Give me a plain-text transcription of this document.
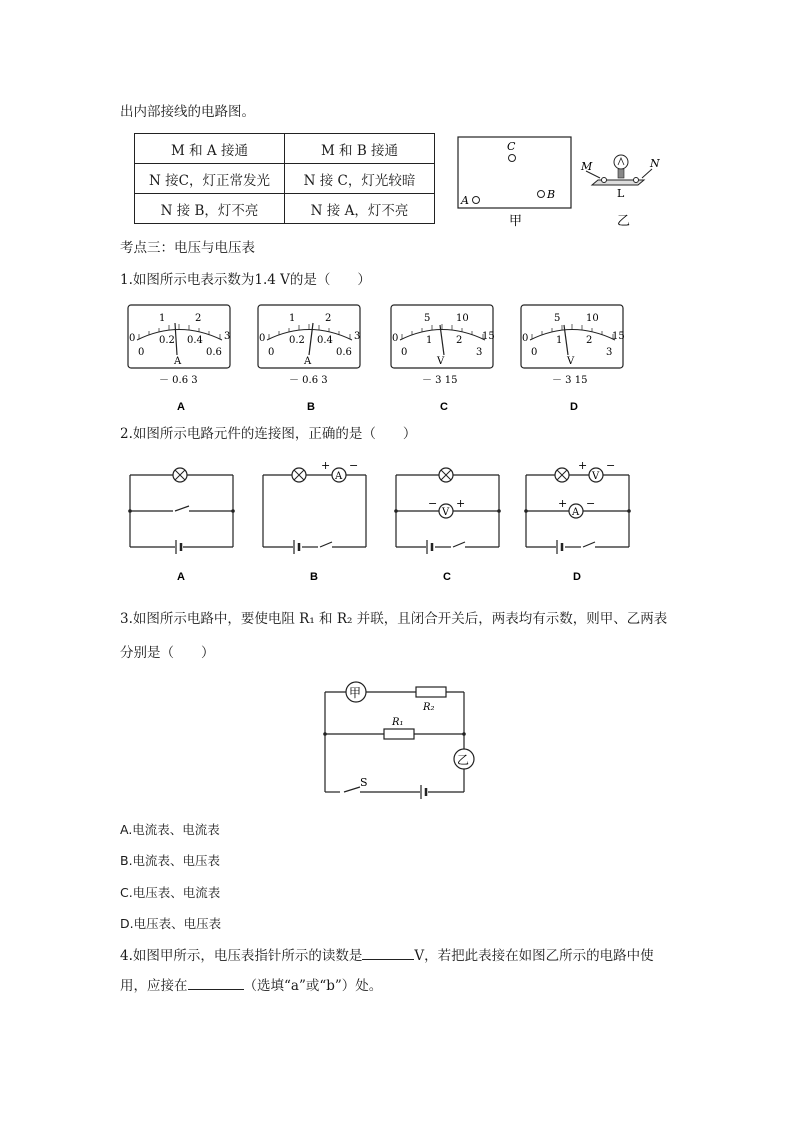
出内部接线的电路图。
M 和 A 接通	M 和 B 接通
N 接C，灯正常发光	N 接 C，灯光较暗
N 接 B，灯不亮	N 接 A，灯不亮
C
A	B
甲
M	N
L
乙
考点三：电压与电压表
1.如图所示电表示数为1.4 V的是（　　）
0
1	2
3
0
0.2 0.4
0.6
A
－ 0.6 3
A
0
1	2
3
0
0.2 0.4
0.6
A
－ 0.6 3
B
0
5	10
15
0
1 2
3
V
－ 3 15
C
0
5	10
15
0
1 2
3
V
－ 3 15
D
2.如图所示电路元件的连接图，正确的是（　　）
A
A
+ −
B
V
− +
C
V
+ −
A
+ −
D
3.如图所示电路中，要使电阻 R₁ 和 R₂ 并联，且闭合开关后，两表均有示数，则甲、乙两表
分别是（　　）
甲
R₂
R₁
乙
S
A.电流表、电流表
B.电流表、电压表
C.电压表、电流表
D.电压表、电压表
4.如图甲所示，电压表指针所示的读数是	V，若把此表接在如图乙所示的电路中使
用，应接在	（选填“a”或“b”）处。
